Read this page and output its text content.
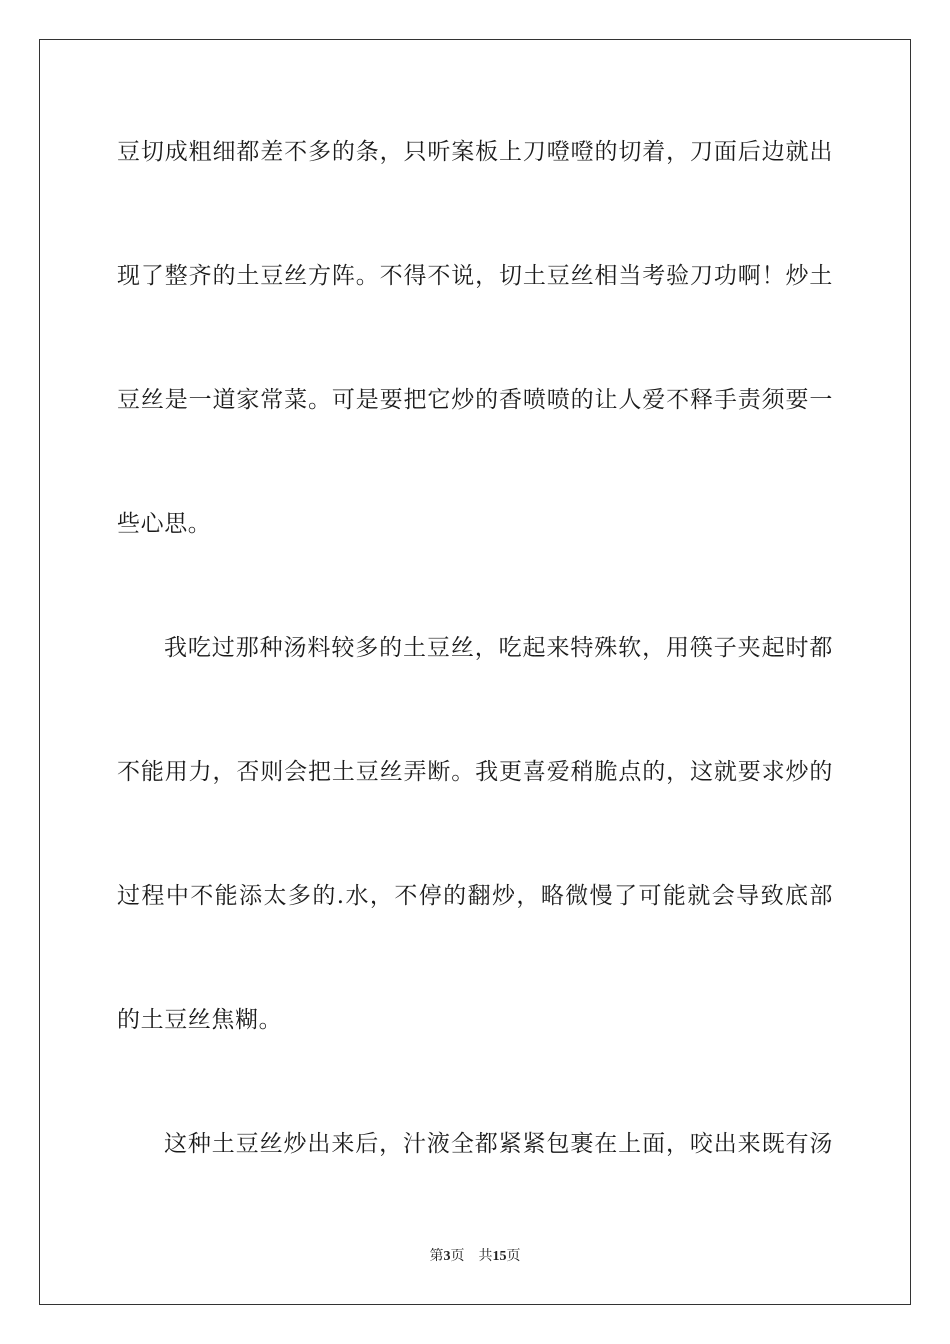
豆切成粗细都差不多的条，只听案板上刀噔噔的切着，刀面后边就出
现了整齐的土豆丝方阵。不得不说，切土豆丝相当考验刀功啊！炒土
豆丝是一道家常菜。可是要把它炒的香喷喷的让人爱不释手责须要一
些心思。
我吃过那种汤料较多的土豆丝，吃起来特殊软，用筷子夹起时都
不能用力，否则会把土豆丝弄断。我更喜爱稍脆点的，这就要求炒的
过程中不能添太多的.水，不停的翻炒，略微慢了可能就会导致底部
的土豆丝焦糊。
这种土豆丝炒出来后，汁液全都紧紧包裹在上面，咬出来既有汤
第3页 共15页
